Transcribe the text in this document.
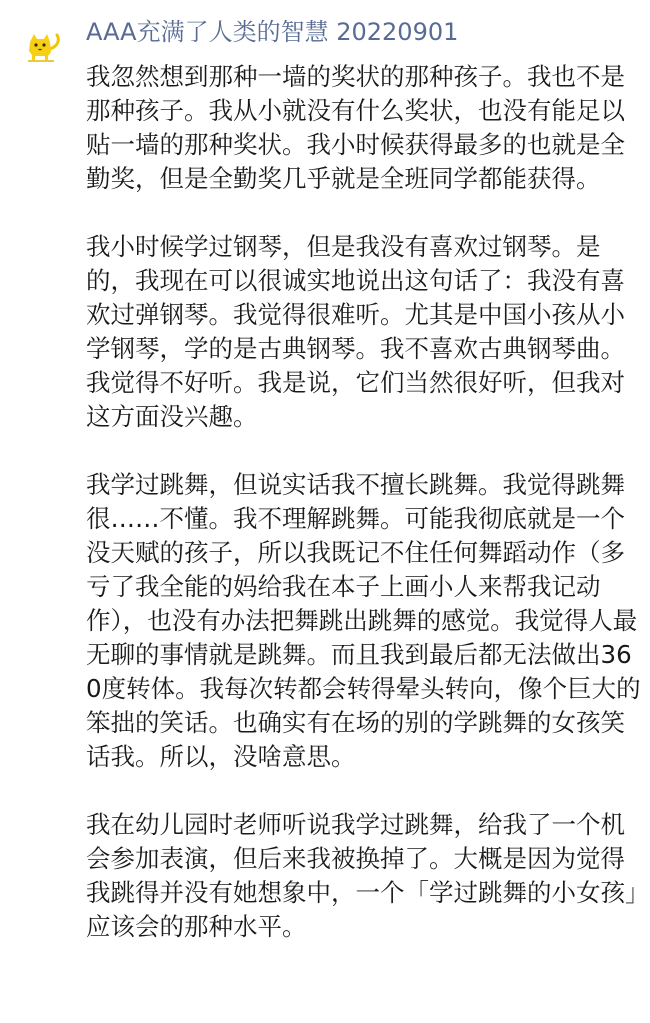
AAA充满了人类的智慧 20220901

我忽然想到那种一墙的奖状的那种孩子。我也不是那种孩子。我从小就没有什么奖状，也没有能足以贴一墙的那种奖状。我小时候获得最多的也就是全勤奖，但是全勤奖几乎就是全班同学都能获得。

我小时候学过钢琴，但是我没有喜欢过钢琴。是的，我现在可以很诚实地说出这句话了：我没有喜欢过弹钢琴。我觉得很难听。尤其是中国小孩从小学钢琴，学的是古典钢琴。我不喜欢古典钢琴曲。我觉得不好听。我是说，它们当然很好听，但我对这方面没兴趣。

我学过跳舞，但说实话我不擅长跳舞。我觉得跳舞很……不懂。我不理解跳舞。可能我彻底就是一个没天赋的孩子，所以我既记不住任何舞蹈动作（多亏了我全能的妈给我在本子上画小人来帮我记动作），也没有办法把舞跳出跳舞的感觉。我觉得人最无聊的事情就是跳舞。而且我到最后都无法做出360度转体。我每次转都会转得晕头转向，像个巨大的笨拙的笑话。也确实有在场的别的学跳舞的女孩笑话我。所以，没啥意思。

我在幼儿园时老师听说我学过跳舞，给我了一个机会参加表演，但后来我被换掉了。大概是因为觉得我跳得并没有她想象中，一个「学过跳舞的小女孩」应该会的那种水平。
